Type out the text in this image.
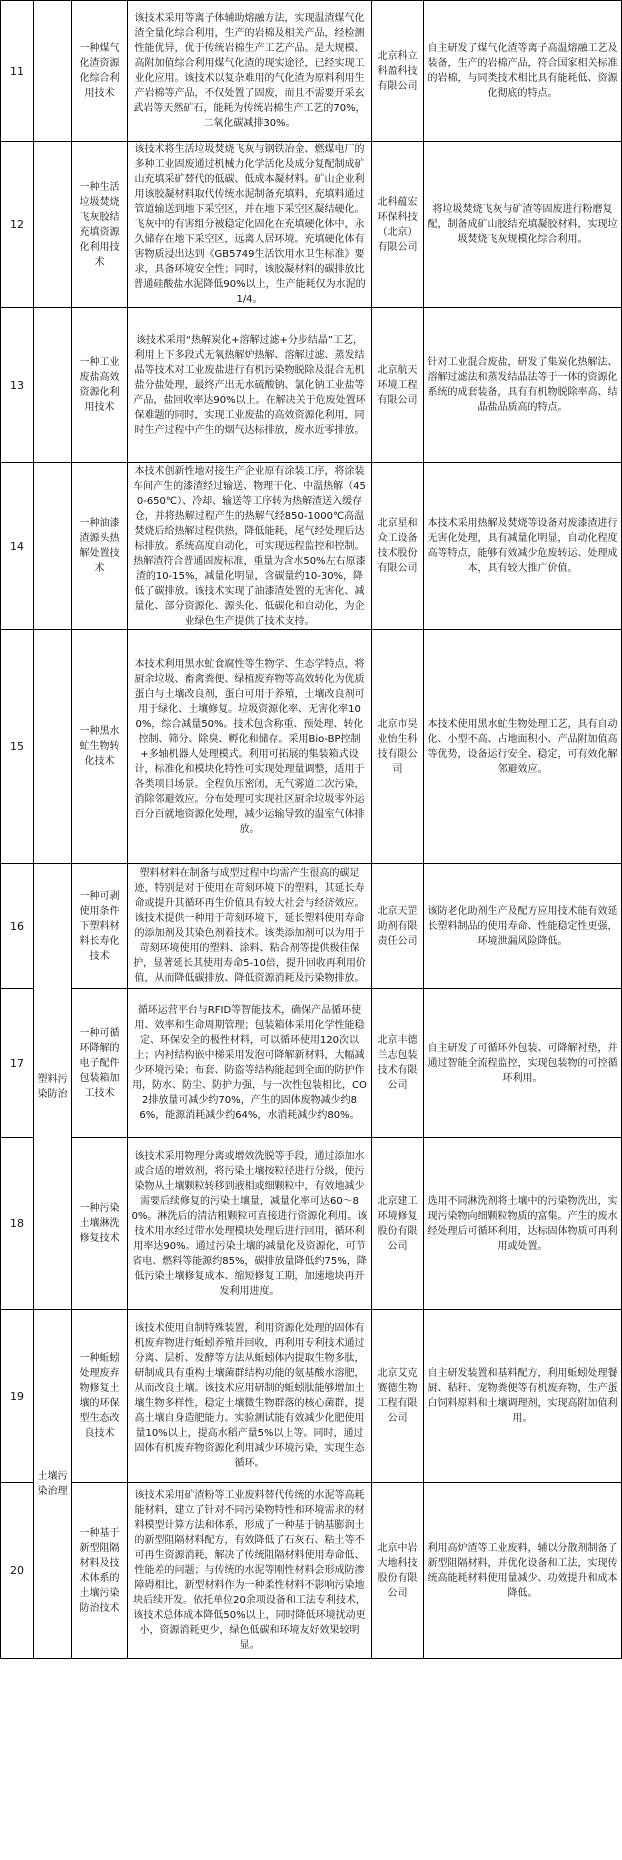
11		一种煤气化渣资源化综合利用技术	该技术采用等离子体辅助熔融方法，实现温渣煤气化渣全量化综合利用，生产的岩棉及相关产品，经检测性能优异，优于传统岩棉生产工艺产品。是大规模、高附加值综合利用煤气化渣的现实途径，已经实现工业化应用。该技术以复杂难用的气化渣为原料利用生产岩棉等产品，不仅处置了固废，而且不需要开采玄武岩等天然矿石，能耗为传统岩棉生产工艺的70%，二氧化碳减排30%。	北京科立科盈科技有限公司	自主研发了煤气化渣等离子高温熔融工艺及装备，生产的岩棉产品，符合国家相关标准的岩棉，与同类技术相比具有能耗低、资源化彻底的特点。
12		一种生活垃圾焚烧飞灰胶结充填资源化利用技术	该技术将生活垃圾焚烧飞灰与钢铁冶金、燃煤电厂的多种工业固废通过机械力化学活化及成分复配制成矿山充填采矿替代的低碳、低成本凝材料。矿山企业利用该胶凝材料取代传统水泥制备充填料，充填料通过管道输送到地下采空区，并在地下采空区凝结硬化。飞灰中的有害组分被稳定化固化在充填硬化体中，永久储存在地下采空区，远离人居环境。充填硬化体有害物质浸出达到《GB5749生活饮用水卫生标准》要求，具备环境安全性；同时，该胶凝材料的碳排放比普通硅酸盐水泥降低90%以上，生产能耗仅为水泥的1/4。	北科蕴宏环保科技（北京）有限公司	将垃圾焚烧飞灰与矿渣等固废进行粉磨复配，制备成矿山胶结充填凝胶材料，实现垃圾焚烧飞灰规模化综合利用。
13		一种工业废盐高效资源化利用技术	该技术采用“热解炭化+溶解过滤+分步结晶”工艺，利用上下多段式无氧热解炉热解、溶解过滤、蒸发结晶等技术对工业废盐进行有机污染物脱除及混合无机盐分盐处理，最终产出无水硫酸钠、氯化钠工业盐等产品，盐回收率达90%以上。在解决关于危废处置环保难题的同时，实现工业废盐的高效资源化利用，同时生产过程中产生的烟气达标排放，废水近零排放。	北京航天环境工程有限公司	针对工业混合废盐，研发了集炭化热解法、溶解过滤法和蒸发结晶法等于一体的资源化系统的成套装备，具有有机物脱除率高、结晶盐品质高的特点。
14		一种油漆渣源头热解处置技术	本技术创新性地对接生产企业原有涂装工序，将涂装车间产生的漆渣经过输送、物理干化、中温热解（450-650℃）、冷却、输送等工序转为热解渣送入缓存仓，并将热解过程产生的热解气经850-1000℃高温焚烧后给热解过程供热，降低能耗，尾气经处理后达标排放。系统高度自动化，可实现远程监控和控制。热解渣符合普通固废标准，重量为含水50%左右原漆渣的10-15%，减量化明显，含碳量约10-30%，降低了碳排放。该技术实现了油漆渣处置的无害化、减量化、部分资源化、源头化、低碳化和自动化，为企业绿色生产提供了技术支持。	北京星和众工设备技术股份有限公司	本技术采用热解及焚烧等设备对废漆渣进行无害化处理，具有减量化明显，自动化程度高等特点，能够有效减少危废转运、处理成本，具有较大推广价值。
15		一种黑水虻生物转化技术	本技术利用黑水虻食腐性等生物学、生态学特点，将厨余垃圾、畜禽粪便、绿植废弃物等高效转化为优质蛋白与土壤改良剂，蛋白可用于养殖，土壤改良剂可用于绿化、土壤修复。垃圾资源化率、无害化率100%，综合减量50%。技术包含称重、预处理、转化控制、筛分、除臭、孵化和储存。采用Bio-BP控制+多轴机器人处理模式。利用可拓展的集装箱式设计，标准化和模块化特性可实现处理量调整，适用于各类项目场景。全程负压密闭，无气雾道二次污染，消除邻避效应。分布处理可实现社区厨余垃圾零外运百分百就地资源化处理，减少运输导致的温室气体排放。	北京市昊业怡生科技有限公司	本技术使用黑水虻生物处理工艺，具有自动化、小型不高、占地面积小、产品附加值高等优势，设备运行安全、稳定，可有效化解邻避效应。
16	塑料污染防治	一种可剥使用条件下塑料材料长寿化技术	塑料材料在制备与成型过程中均需产生很高的碳足迹，特别是对于使用在苛刻环境下的塑料，其延长寿命或提升其循环再生价值具有较大社会与经济效应。该技术提供一种用于苛刻环境下，延长塑料使用寿命的添加剂及其染色剂着技术。该类添加剂可以为用于苛刻环境使用的塑料、涂料、粘合剂等提供极佳保护，显著延长其使用寿命5-10倍，提升回收再利用价值，从而降低碳排放、降低资源消耗及污染物排放。	北京天罡助剂有限责任公司	该防老化助剂生产及配方应用技术能有效延长塑料制品的使用寿命、性能稳定性更强，环境泄漏风险降低。
17		一种可循环降解的电子配件包装箱加工技术	循环运营平台与RFID等智能技术，确保产品循环使用、效率和生命周期管理；包装箱体采用化学性能稳定、环保安全的极性材料，可以循环使用120次以上；内衬结构嵌中梯采用发泡可降解新材料，大幅减少环境污染；布套、防盗等结构能起到全面的防护作用，防水、防尘、防护力强，与一次性包装相比，CO2排放量可减少约70%，产生的固体废物减少约86%，能源消耗减少约64%，水消耗减少约80%。	北京丰德兰志包装技术有限公司	自主研发了可循环外包装、可降解衬垫，并通过智能全流程监控，实现包装物的可控循环利用。
18		一种污染土壤淋洗修复技术	该技术采用物理分离或增效洗脱等手段，通过添加水或合适的增效剂，将污染土壤按粒径进行分级，使污染物从土壤颗粒转移到液相或细颗粒中，有效地减少需要后续修复的污染土壤量，减量化率可达60～80%。淋洗后的清洁粗颗粒可直接进行资源化利用。该技术用水经过带水处理模块处理后进行回用，循环利用率达90%。通过污染土壤的减量化及资源化，可节省电、燃料等能源约85%，碳排放量降低约75%，降低污染土壤修复成本、缩短修复工期，加速地块再开发利用进度。	北京建工环境修复股份有限公司	选用不同淋洗剂将土壤中的污染物洗出，实现污染物向细颗粒物质的富集。产生的废水经处理后可循环利用，达标固体物质可再利用或处置。
19	土壤污染治理	一种蚯蚓处理废弃物修复土壤的环保型生态改良技术	该技术使用自制特殊装置，利用资源化处理的固体有机废弃物进行蚯蚓养殖并回收，再利用专利技术通过分离、层析、发酵等方法从蚯蚓体内提取生物多肽，研制成具有重构土壤菌群结构功能的氨基酸水溶肥，从而改良土壤。该技术应用研制的蚯蚓肽能够增加土壤生物多样性，稳定土壤微生物群落的核心菌群，提高土壤自身造肥能力。实验测试能有效减少化肥使用量10%以上，提高水稻产量5%以上等。同时，通过固体有机废弃物资源化利用减少环境污染，实现生态循环。	北京艾克赛德生物工程有限公司	自主研发装置和基料配方，利用蚯蚓处理餐厨、秸秆、宠物粪便等有机废弃物，生产蛋白饲料原料和土壤调理剂，实现高附加值利用。
20		一种基于新型阻隔材料及技术体系的土壤污染防治技术	该技术采用矿渣粉等工业废料替代传统的水泥等高耗能材料，建立了针对不同污染物特性和环境需求的材料模型计算方法和体系，形成了一种基于钠基膨润土的新型阻隔材料配方，有效降低了石灰石、粘土等不可再生资源消耗，解决了传统阻隔材料使用寿命低、性能差的问题；与传统的水泥等刚性材料会形成防渗障碍相比，新型材料作为一种柔性材料不影响污染地块后续开发。依托单位20余项设备和工法专利技术，该技术总体成本降低50%以上，同时降低环境扰动更小，资源消耗更少，绿色低碳和环境友好效果较明显。	北京中岩大地科技股份有限公司	利用高炉渣等工业废料，辅以分散剂制备了新型阻隔材料，并优化设备和工法，实现传统高能耗材料使用量减少、功效提升和成本降低。
